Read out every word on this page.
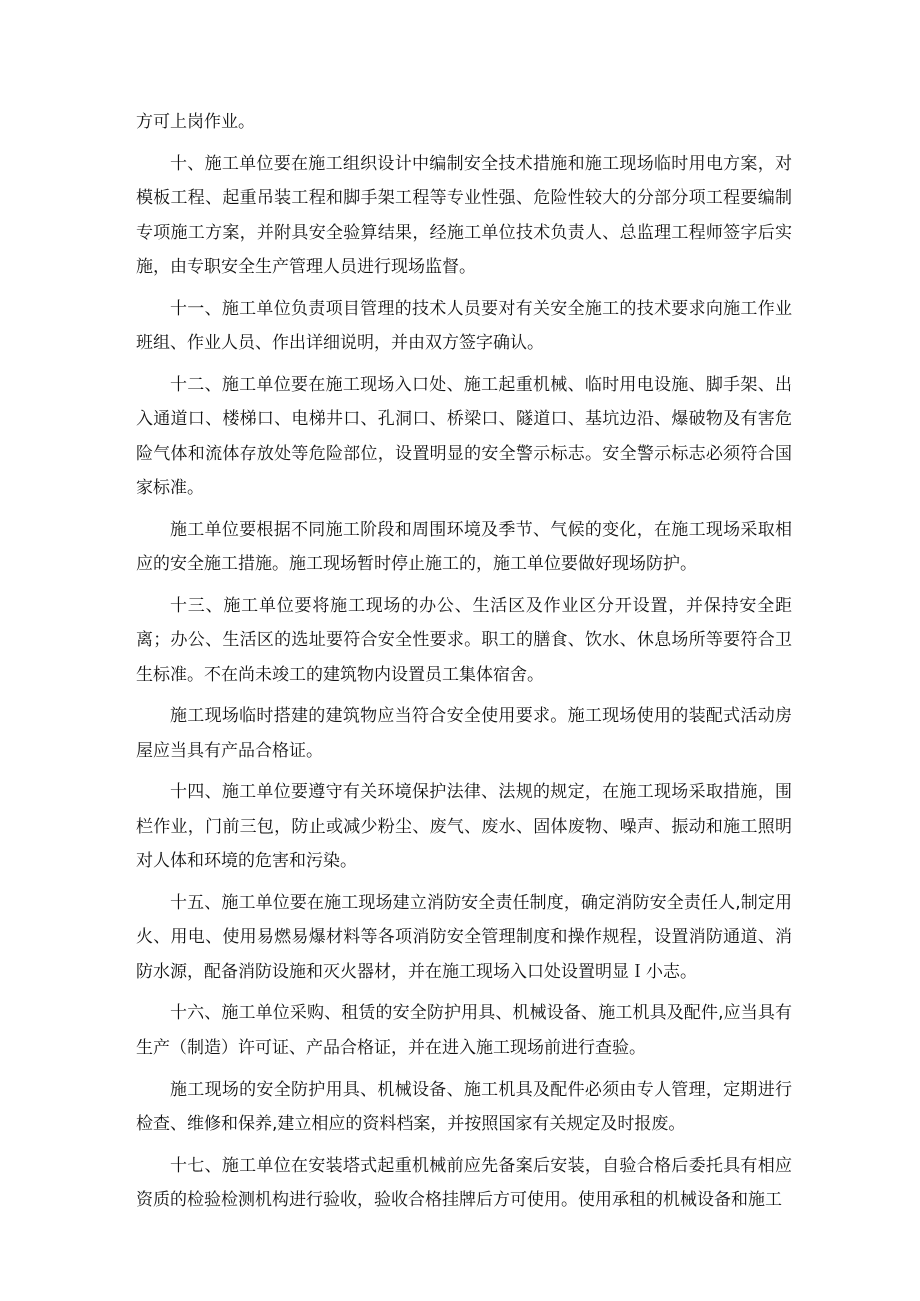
方可上岗作业。

十、施工单位要在施工组织设计中编制安全技术措施和施工现场临时用电方案，对模板工程、起重吊装工程和脚手架工程等专业性强、危险性较大的分部分项工程要编制专项施工方案，并附具安全验算结果，经施工单位技术负责人、总监理工程师签字后实施，由专职安全生产管理人员进行现场监督。

十一、施工单位负责项目管理的技术人员要对有关安全施工的技术要求向施工作业班组、作业人员、作出详细说明，并由双方签字确认。

十二、施工单位要在施工现场入口处、施工起重机械、临时用电设施、脚手架、出入通道口、楼梯口、电梯井口、孔洞口、桥梁口、隧道口、基坑边沿、爆破物及有害危险气体和流体存放处等危险部位，设置明显的安全警示标志。安全警示标志必须符合国家标准。

施工单位要根据不同施工阶段和周围环境及季节、气候的变化，在施工现场采取相应的安全施工措施。施工现场暂时停止施工的，施工单位要做好现场防护。

十三、施工单位要将施工现场的办公、生活区及作业区分开设置，并保持安全距离；办公、生活区的选址要符合安全性要求。职工的膳食、饮水、休息场所等要符合卫生标准。不在尚未竣工的建筑物内设置员工集体宿舍。

施工现场临时搭建的建筑物应当符合安全使用要求。施工现场使用的装配式活动房屋应当具有产品合格证。

十四、施工单位要遵守有关环境保护法律、法规的规定，在施工现场采取措施，围栏作业，门前三包，防止或减少粉尘、废气、废水、固体废物、噪声、振动和施工照明对人体和环境的危害和污染。

十五、施工单位要在施工现场建立消防安全责任制度，确定消防安全责任人,制定用火、用电、使用易燃易爆材料等各项消防安全管理制度和操作规程，设置消防通道、消防水源，配备消防设施和灭火器材，并在施工现场入口处设置明显Ｉ小志。

十六、施工单位采购、租赁的安全防护用具、机械设备、施工机具及配件,应当具有生产（制造）许可证、产品合格证，并在进入施工现场前进行查验。

施工现场的安全防护用具、机械设备、施工机具及配件必须由专人管理，定期进行检查、维修和保养,建立相应的资料档案，并按照国家有关规定及时报废。

十七、施工单位在安装塔式起重机械前应先备案后安装，自验合格后委托具有相应资质的检验检测机构进行验收，验收合格挂牌后方可使用。使用承租的机械设备和施工
